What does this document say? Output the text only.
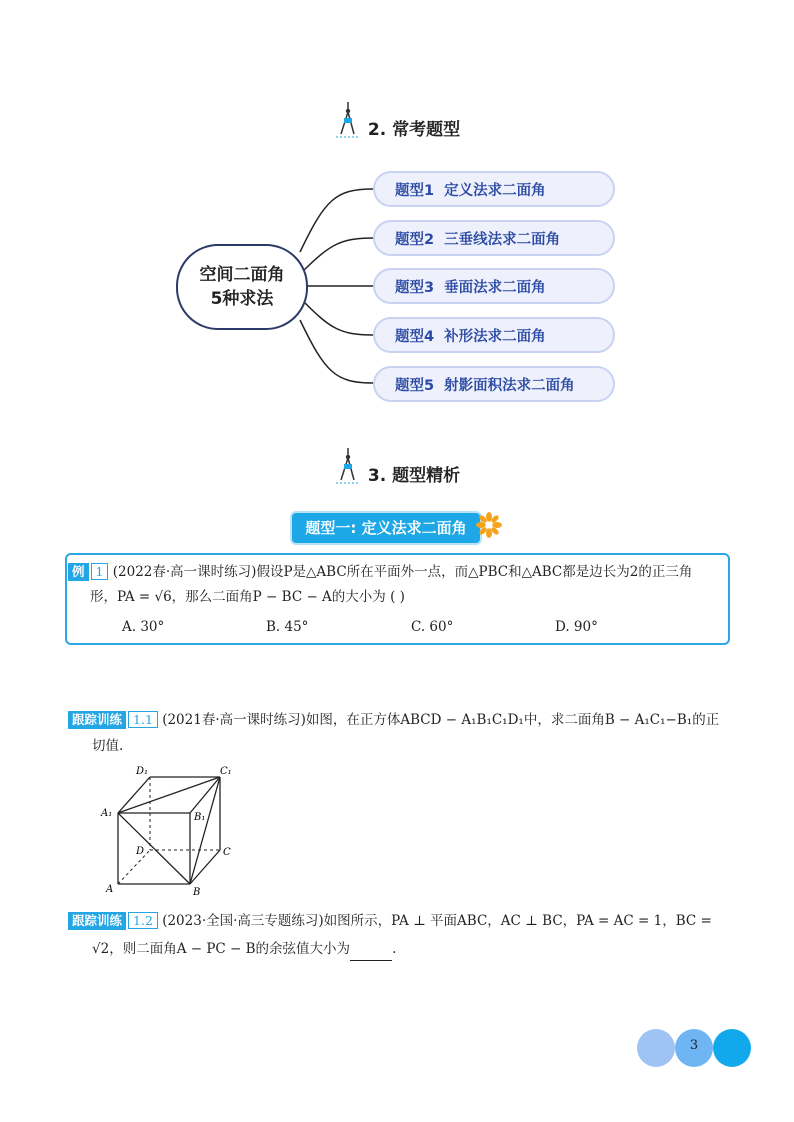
2. 常考题型
空间二面角
5种求法
题型1 定义法求二面角
题型2 三垂线法求二面角
题型3 垂面法求二面角
题型4 补形法求二面角
题型5 射影面积法求二面角
3. 题型精析
题型一: 定义法求二面角
例 1 (2022春·高一课时练习)假设P是△ABC所在平面外一点，而△PBC和△ABC都是边长为2的正三角
形，PA = √6，那么二面角P − BC − A的大小为 ( )
A. 30°	B. 45°	C. 60°	D. 90°
跟踪训练 1.1 (2021春·高一课时练习)如图，在正方体ABCD − A₁B₁C₁D₁中，求二面角B − A₁C₁−B₁的正
切值.
D₁	C₁
A₁	B₁
D	C
A	B
跟踪训练 1.2 (2023·全国·高三专题练习)如图所示，PA ⊥ 平面ABC，AC ⊥ BC，PA = AC = 1，BC =
√2，则二面角A − PC − B的余弦值大小为	.
3
